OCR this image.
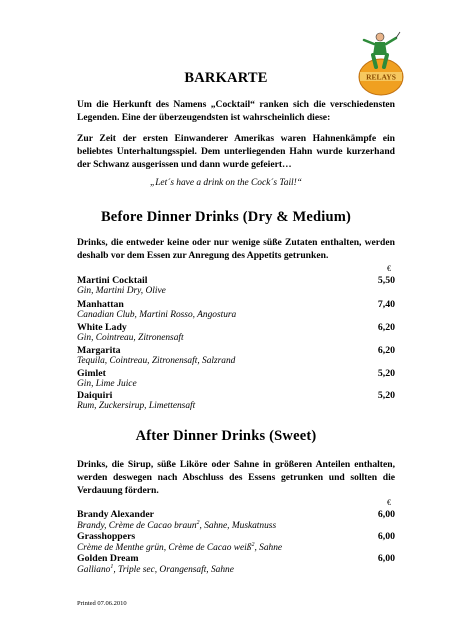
RELAYS
BARKARTE
Um die Herkunft des Namens „Cocktail“ ranken sich die verschiedensten Legenden. Eine der überzeugendsten ist wahrscheinlich diese:
Zur Zeit der ersten Einwanderer Amerikas waren Hahnenkämpfe ein beliebtes Unterhaltungsspiel. Dem unterliegenden Hahn wurde kurzerhand der Schwanz ausgerissen und dann wurde gefeiert…
„Let´s have a drink on the Cock´s Tail!“
Before Dinner Drinks (Dry & Medium)
Drinks, die entweder keine oder nur wenige süße Zutaten enthalten, werden deshalb vor dem Essen zur Anregung des Appetits getrunken.
€
Martini Cocktail	5,50
Gin, Martini Dry, Olive
Manhattan	7,40
Canadian Club, Martini Rosso, Angostura
White Lady	6,20
Gin, Cointreau, Zitronensaft
Margarita	6,20
Tequila, Cointreau, Zitronensaft, Salzrand
Gimlet	5,20
Gin, Lime Juice
Daiquiri	5,20
Rum, Zuckersirup, Limettensaft
After Dinner Drinks (Sweet)
Drinks, die Sirup, süße Liköre oder Sahne in größeren Anteilen enthalten, werden deswegen nach Abschluss des Essens getrunken und sollten die Verdauung fördern.
€
Brandy Alexander	6,00
Brandy, Crème de Cacao braun$^2$, Sahne, Muskatnuss
Grasshoppers	6,00
Crème de Menthe grün, Crème de Cacao weiß$^2$, Sahne
Golden Dream	6,00
Galliano$^1$, Triple sec, Orangensaft, Sahne
Printed 07.06.2010
